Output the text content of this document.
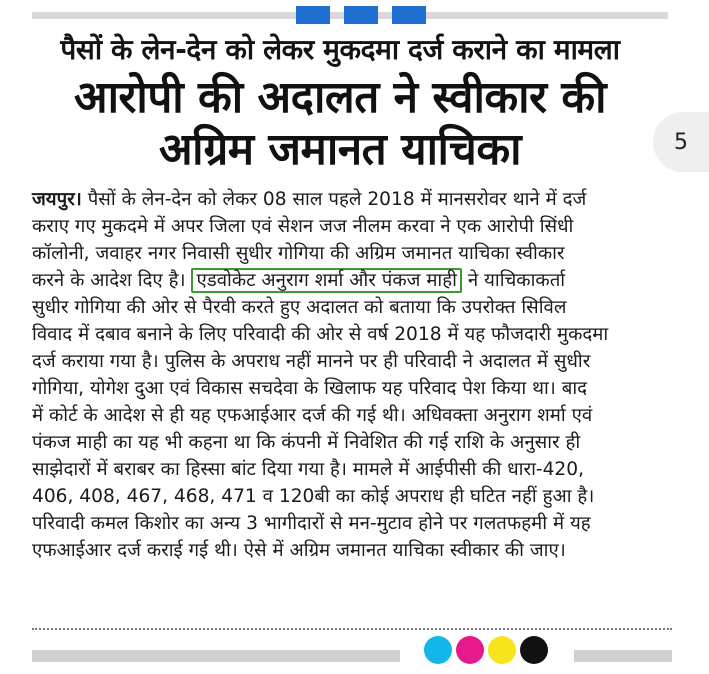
5
पैसों के लेन-देन को लेकर मुकदमा दर्ज कराने का मामला
आरोपी की अदालत ने स्वीकार की
अग्रिम जमानत याचिका
जयपुर। पैसों के लेन-देन को लेकर 08 साल पहले 2018 में मानसरोवर थाने में दर्ज
कराए गए मुकदमे में अपर जिला एवं सेशन जज नीलम करवा ने एक आरोपी सिंधी
कॉलोनी, जवाहर नगर निवासी सुधीर गोगिया की अग्रिम जमानत याचिका स्वीकार
करने के आदेश दिए है। एडवोकेट अनुराग शर्मा और पंकज माही ने याचिकाकर्ता
सुधीर गोगिया की ओर से पैरवी करते हुए अदालत को बताया कि उपरोक्त सिविल
विवाद में दबाव बनाने के लिए परिवादी की ओर से वर्ष 2018 में यह फौजदारी मुकदमा
दर्ज कराया गया है। पुलिस के अपराध नहीं मानने पर ही परिवादी ने अदालत में सुधीर
गोगिया, योगेश दुआ एवं विकास सचदेवा के खिलाफ यह परिवाद पेश किया था। बाद
में कोर्ट के आदेश से ही यह एफआईआर दर्ज की गई थी। अधिवक्ता अनुराग शर्मा एवं
पंकज माही का यह भी कहना था कि कंपनी में निवेशित की गई राशि के अनुसार ही
साझेदारों में बराबर का हिस्सा बांट दिया गया है। मामले में आईपीसी की धारा-420,
406, 408, 467, 468, 471 व 120बी का कोई अपराध ही घटित नहीं हुआ है।
परिवादी कमल किशोर का अन्य 3 भागीदारों से मन-मुटाव होने पर गलतफहमी में यह
एफआईआर दर्ज कराई गई थी। ऐसे में अग्रिम जमानत याचिका स्वीकार की जाए।
